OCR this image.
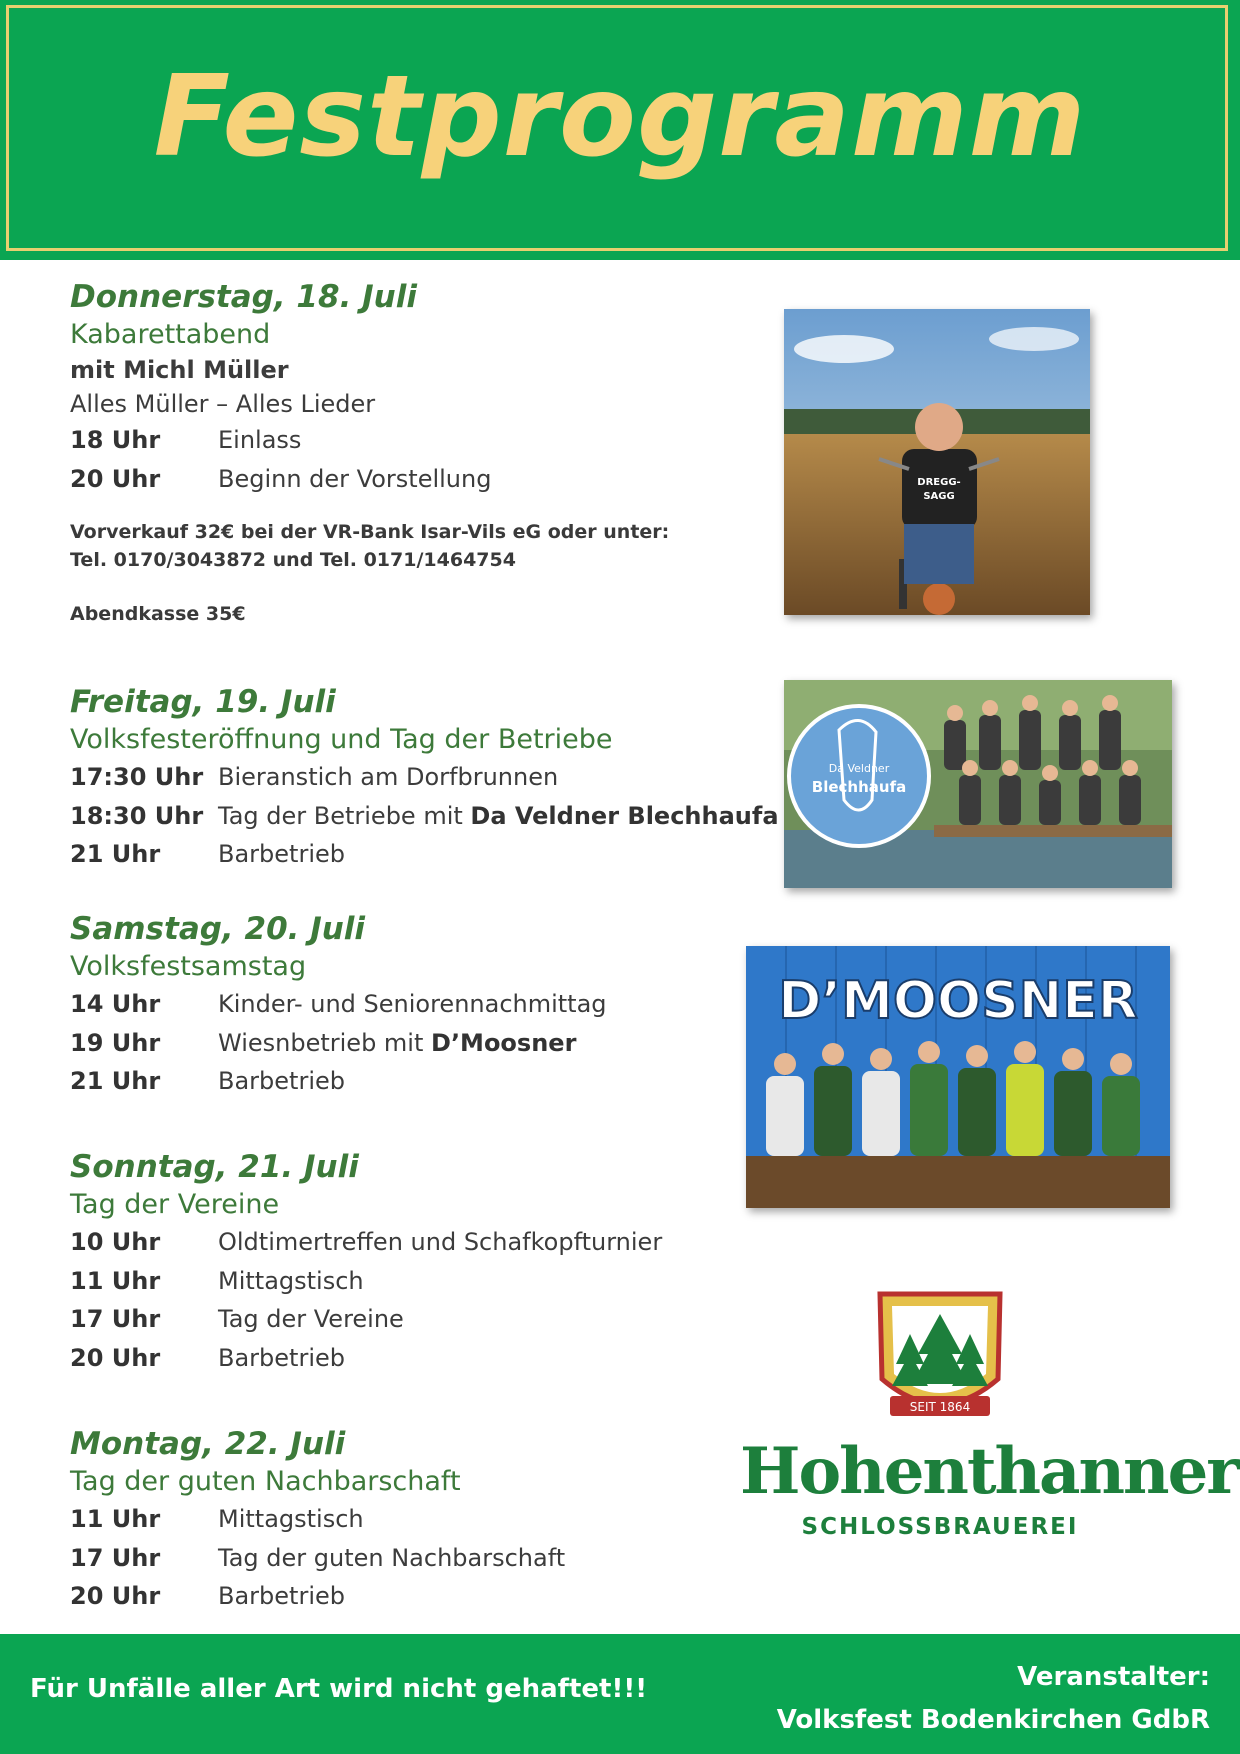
Festprogramm
Donnerstag, 18. Juli
Kabarettabend
mit Michl Müller
Alles Müller – Alles Lieder
18 Uhr	Einlass
20 Uhr	Beginn der Vorstellung
Vorverkauf 32€ bei der VR-Bank Isar-Vils eG oder unter:
Tel. 0170/3043872 und Tel. 0171/1464754
Abendkasse 35€
Freitag, 19. Juli
Volksfesteröffnung und Tag der Betriebe
17:30 Uhr Bieranstich am Dorfbrunnen
18:30 Uhr Tag der Betriebe mit Da Veldner Blechhaufa
21 Uhr	Barbetrieb
Samstag, 20. Juli
Volksfestsamstag
14 Uhr	Kinder- und Seniorennachmittag
19 Uhr	Wiesnbetrieb mit D’Moosner
21 Uhr	Barbetrieb
Sonntag, 21. Juli
Tag der Vereine
10 Uhr	Oldtimertreffen und Schafkopfturnier
11 Uhr	Mittagstisch
17 Uhr	Tag der Vereine
20 Uhr	Barbetrieb
Montag, 22. Juli
Tag der guten Nachbarschaft
11 Uhr	Mittagstisch
17 Uhr	Tag der guten Nachbarschaft
20 Uhr	Barbetrieb
DREGG-
SAGG
Da Veldner
Blechhaufa
D’MOOSNER
SEIT 1864
Hohenthanner
SCHLOSSBRAUEREI
Für Unfälle aller Art wird nicht gehaftet!!!	Veranstalter:
Volksfest Bodenkirchen GdbR
